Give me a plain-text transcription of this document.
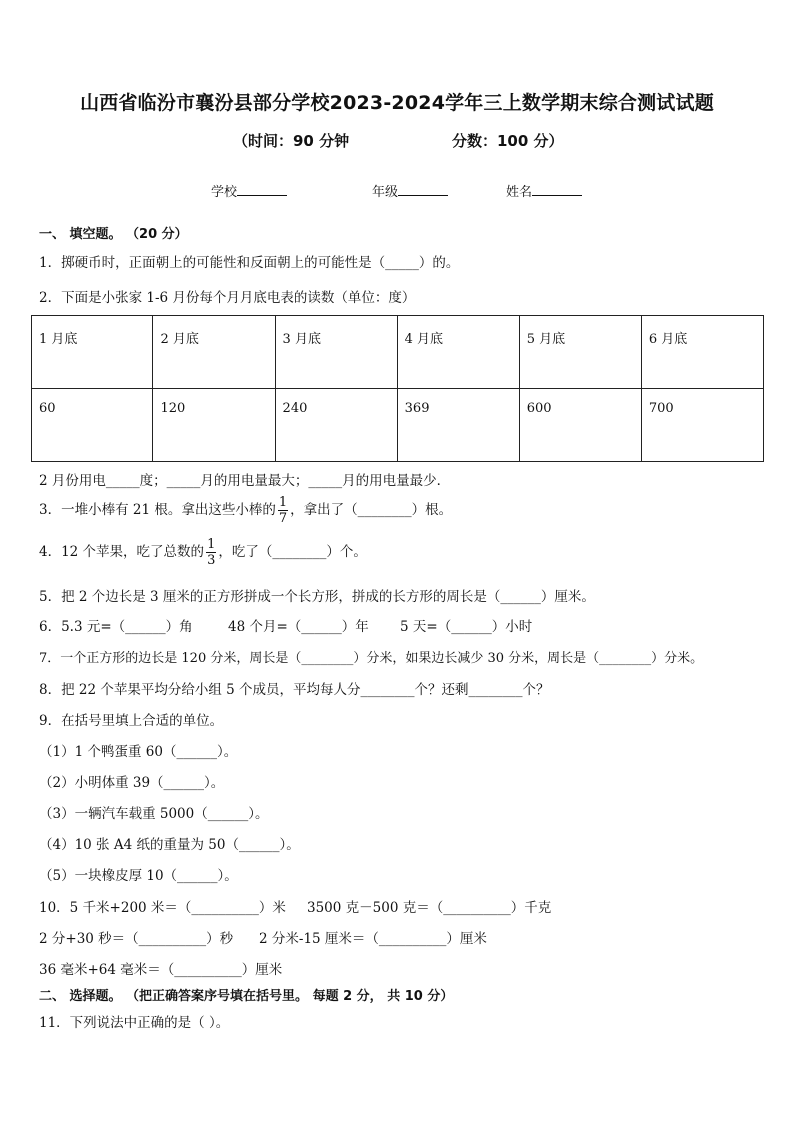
山西省临汾市襄汾县部分学校2023-2024学年三上数学期末综合测试试题
（时间：90 分钟	分数：100 分）
学校	年级	姓名
一、 填空题。 （20 分）
1．掷硬币时，正面朝上的可能性和反面朝上的可能性是（_____）的。
2．下面是小张家 1-6 月份每个月月底电表的读数（单位：度）
1 月底	2 月底	3 月底	4 月底	5 月底	6 月底
60	120	240	369	600	700
2 月份用电_____度；_____月的用电量最大；_____月的用电量最少．
3．一堆小棒有 21 根。拿出这些小棒的 $\frac{1}{7}$ ，拿出了（________）根。
4．12 个苹果，吃了总数的 $\frac{1}{3}$ ，吃了（________）个。
5．把 2 个边长是 3 厘米的正方形拼成一个长方形，拼成的长方形的周长是（______）厘米。
6．5.3 元=（______）角	48 个月=（______）年 5 天=（______）小时
7．一个正方形的边长是 120 分米，周长是（________）分米，如果边长减少 30 分米，周长是（________）分米。
8．把 22 个苹果平均分给小组 5 个成员，平均每人分________个？还剩________个？
9．在括号里填上合适的单位。
（1）1 个鸭蛋重 60（______）。
（2）小明体重 39（______）。
（3）一辆汽车载重 5000（______）。
（4）10 张 A4 纸的重量为 50（______）。
（5）一块橡皮厚 10（______）。
10．5 千米+200 米＝（__________）米 3500 克－500 克＝（__________）千克
2 分+30 秒＝（__________）秒 2 分米-15 厘米＝（__________）厘米
36 毫米+64 毫米＝（__________）厘米
二、 选择题。 （把正确答案序号填在括号里。 每题 2 分， 共 10 分）
11．下列说法中正确的是（ ）。
